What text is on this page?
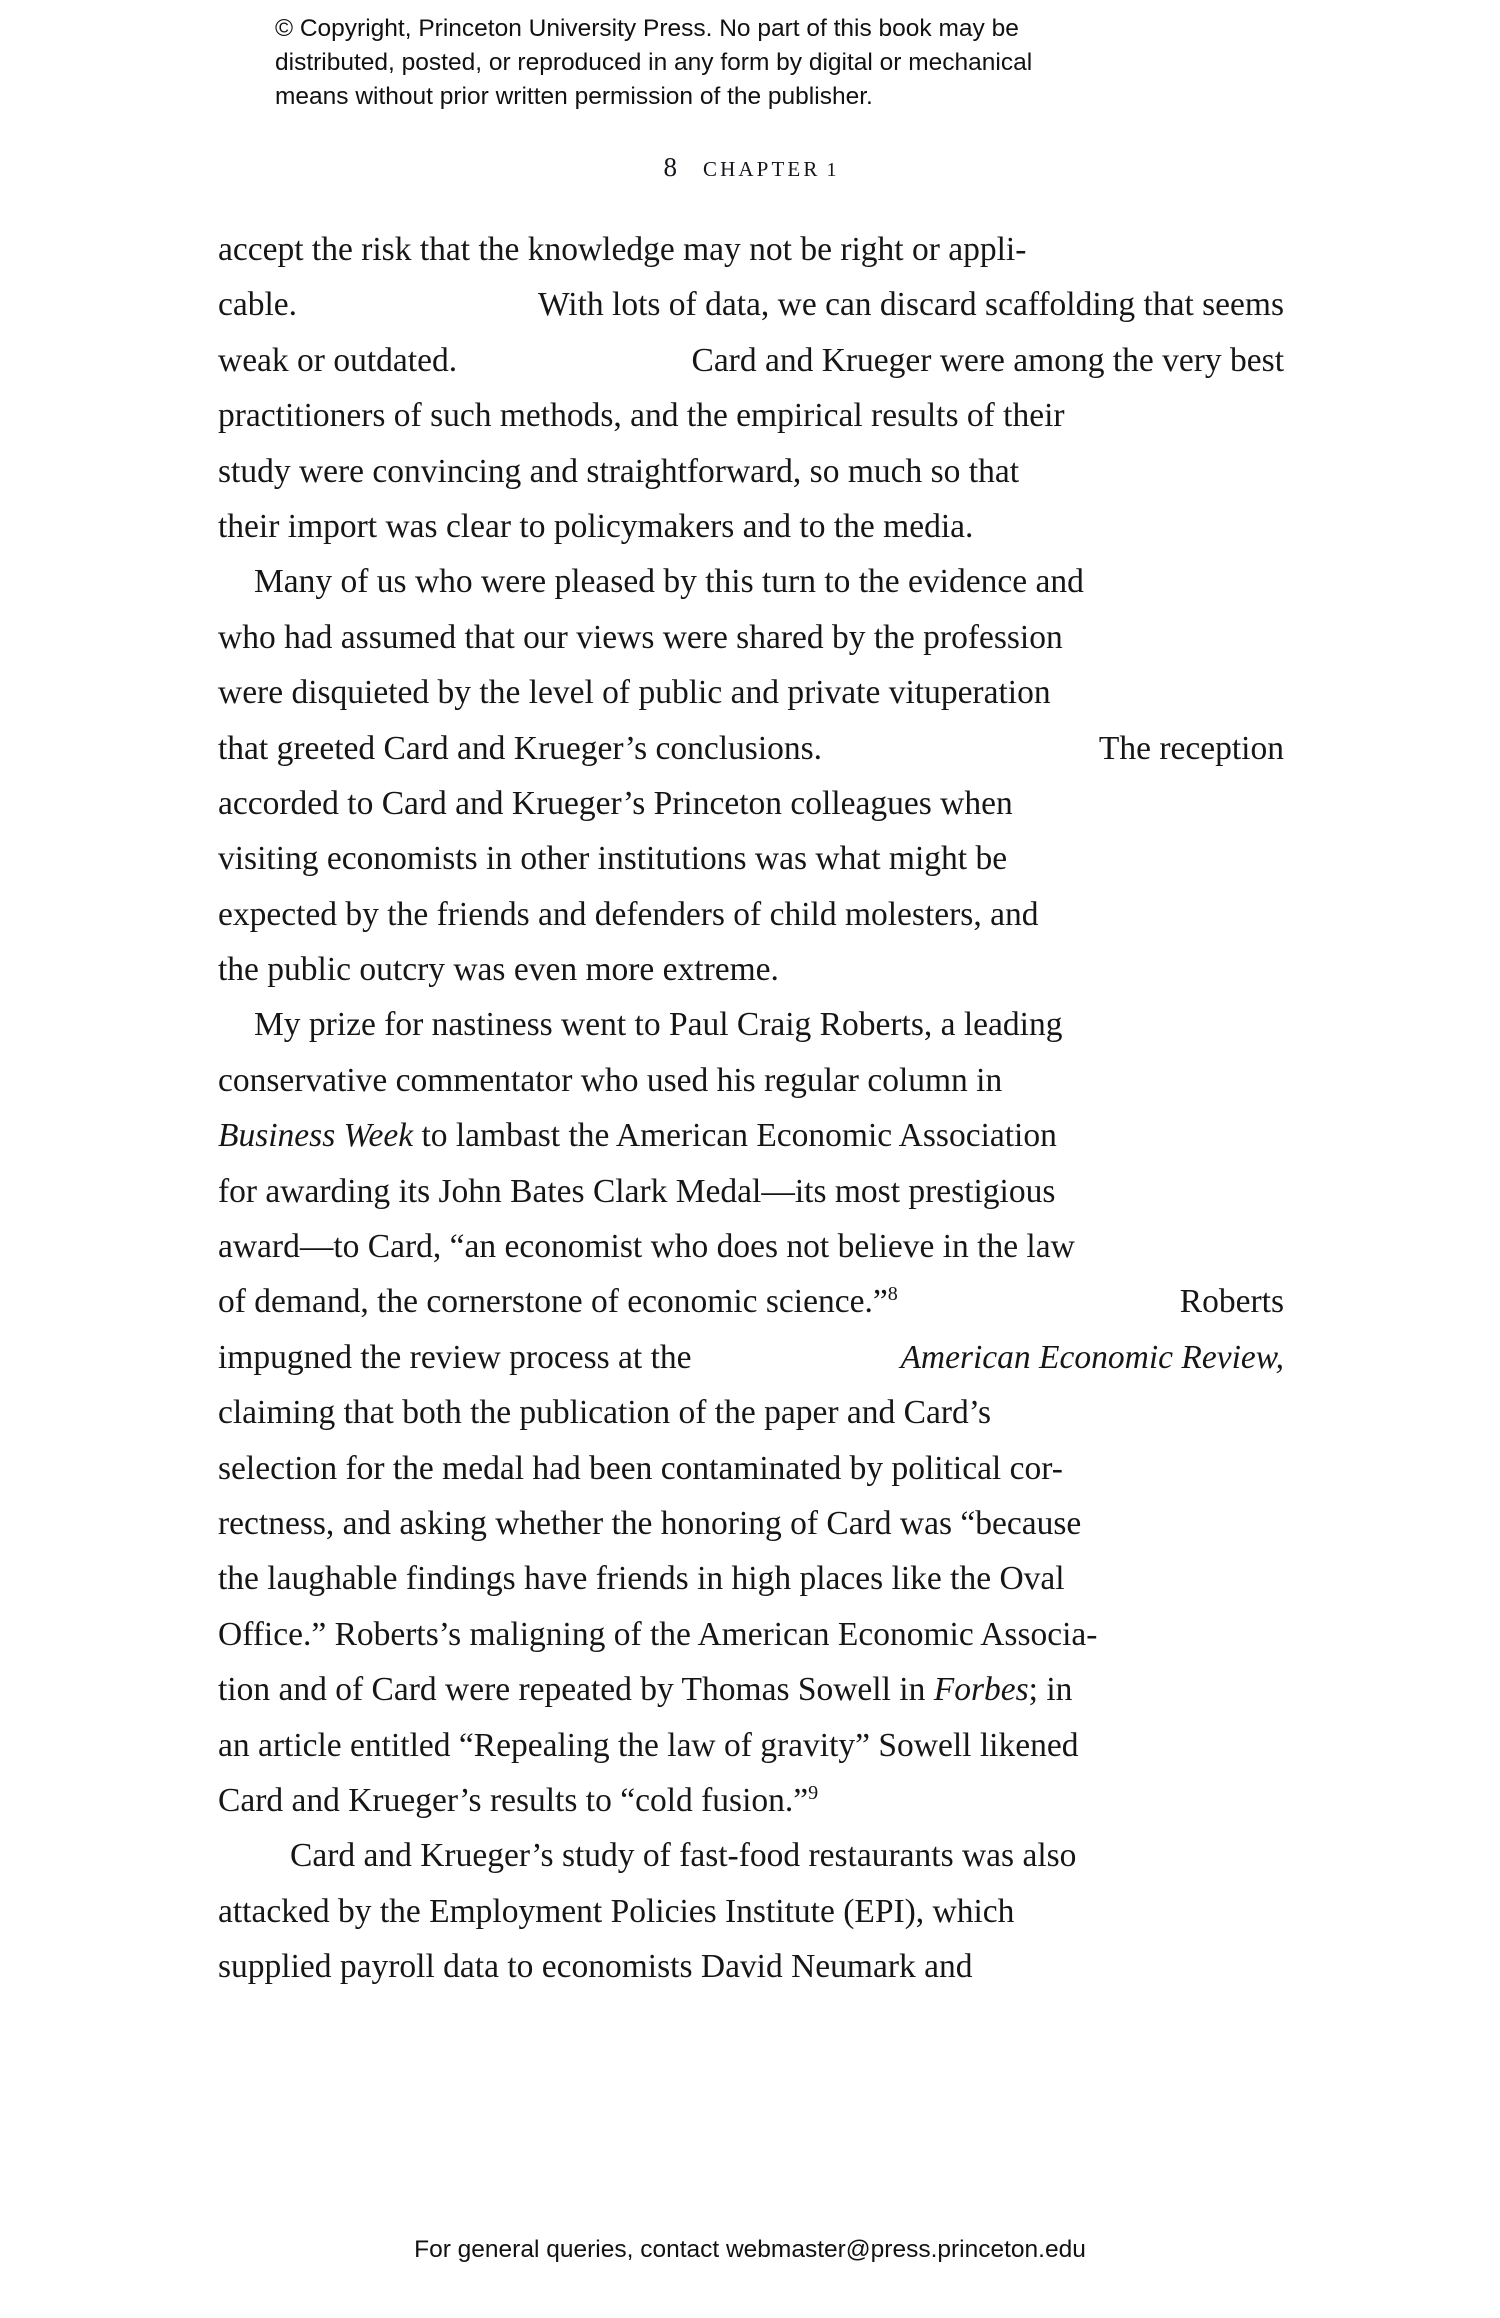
© Copyright, Princeton University Press. No part of this book may be
distributed, posted, or reproduced in any form by digital or mechanical
means without prior written permission of the publisher.
8 CHAPTER 1
accept the risk that the knowledge may not be right or appli-
cable.	With lots of data, we can discard scaffolding that seems
weak or outdated.	Card and Krueger were among the very best
practitioners of such methods, and the empirical results of their
study were convincing and straightforward, so much so that
their import was clear to policymakers and to the media.
Many of us who were pleased by this turn to the evidence and
who had assumed that our views were shared by the profession
were disquieted by the level of public and private vituperation
that greeted Card and Krueger’s conclusions.	The reception
accorded to Card and Krueger’s Princeton colleagues when
visiting economists in other institutions was what might be
expected by the friends and defenders of child molesters, and
the public outcry was even more extreme.
My prize for nastiness went to Paul Craig Roberts, a leading
conservative commentator who used his regular column in
Business Week to lambast the American Economic Association
for awarding its John Bates Clark Medal—its most prestigious
award—to Card, “an economist who does not believe in the law
of demand, the cornerstone of economic science.”$^8$	Roberts
impugned the review process at the	American Economic Review,
claiming that both the publication of the paper and Card’s
selection for the medal had been contaminated by political cor-
rectness, and asking whether the honoring of Card was “because
the laughable findings have friends in high places like the Oval
Office.” Roberts’s maligning of the American Economic Associa-
tion and of Card were repeated by Thomas Sowell in Forbes; in
an article entitled “Repealing the law of gravity” Sowell likened
Card and Krueger’s results to “cold fusion.”$^9$
Card and Krueger’s study of fast-food restaurants was also
attacked by the Employment Policies Institute (EPI), which
supplied payroll data to economists David Neumark and
For general queries, contact webmaster@press.princeton.edu
